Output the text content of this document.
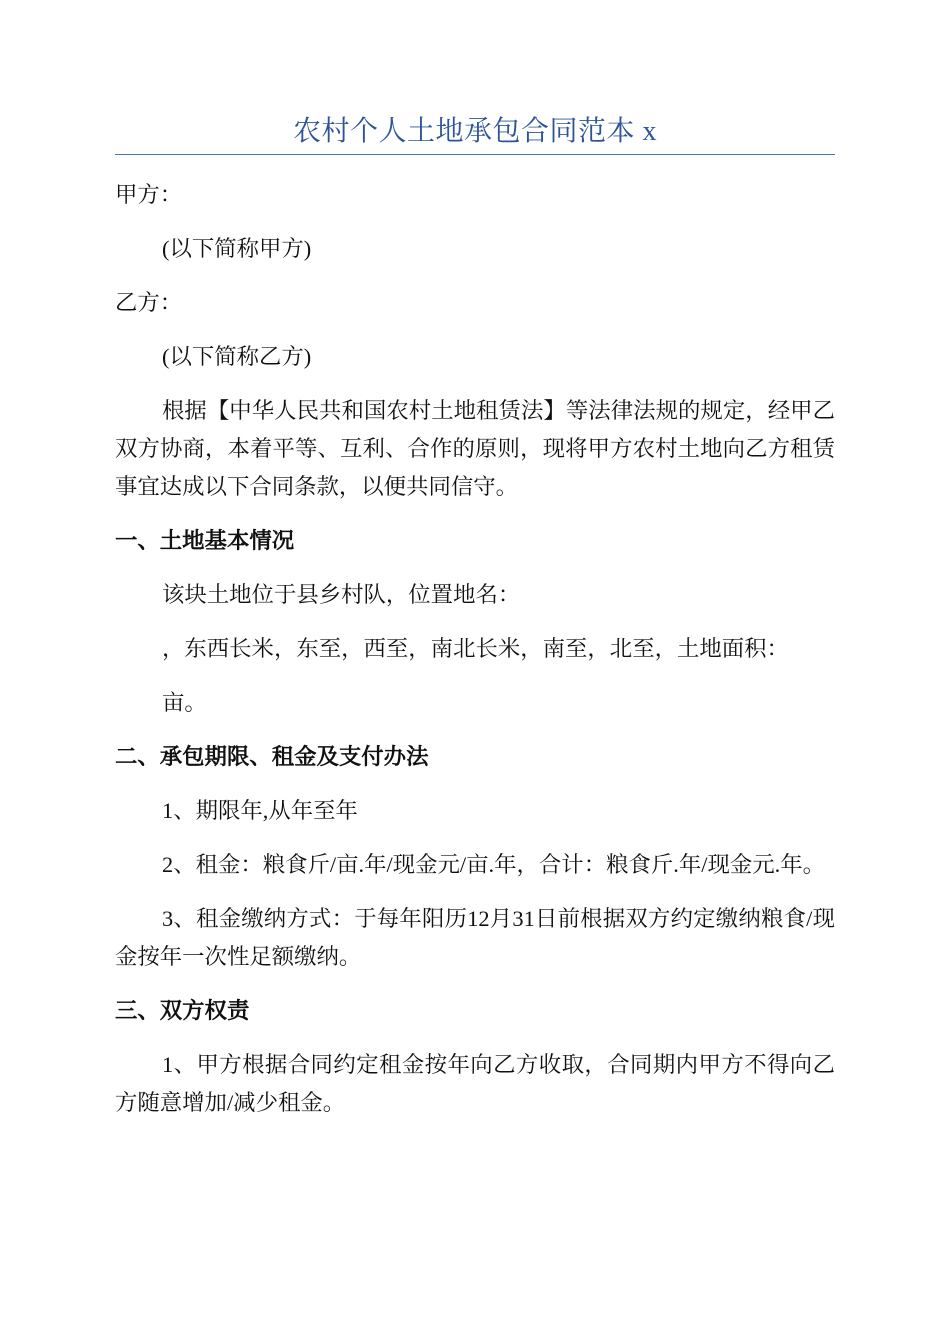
农村个人土地承包合同范本 x

甲方：

(以下简称甲方)

乙方：

(以下简称乙方)

根据【中华人民共和国农村土地租赁法】等法律法规的规定，经甲乙双方协商，本着平等、互利、合作的原则，现将甲方农村土地向乙方租赁事宜达成以下合同条款，以便共同信守。

一、土地基本情况

该块土地位于县乡村队，位置地名：

，东西长米，东至，西至，南北长米，南至，北至，土地面积：

亩。

二、承包期限、租金及支付办法

1、期限年,从年至年

2、租金：粮食斤/亩.年/现金元/亩.年，合计：粮食斤.年/现金元.年。

3、租金缴纳方式：于每年阳历12月31日前根据双方约定缴纳粮食/现金按年一次性足额缴纳。

三、双方权责

1、甲方根据合同约定租金按年向乙方收取，合同期内甲方不得向乙方随意增加/减少租金。
